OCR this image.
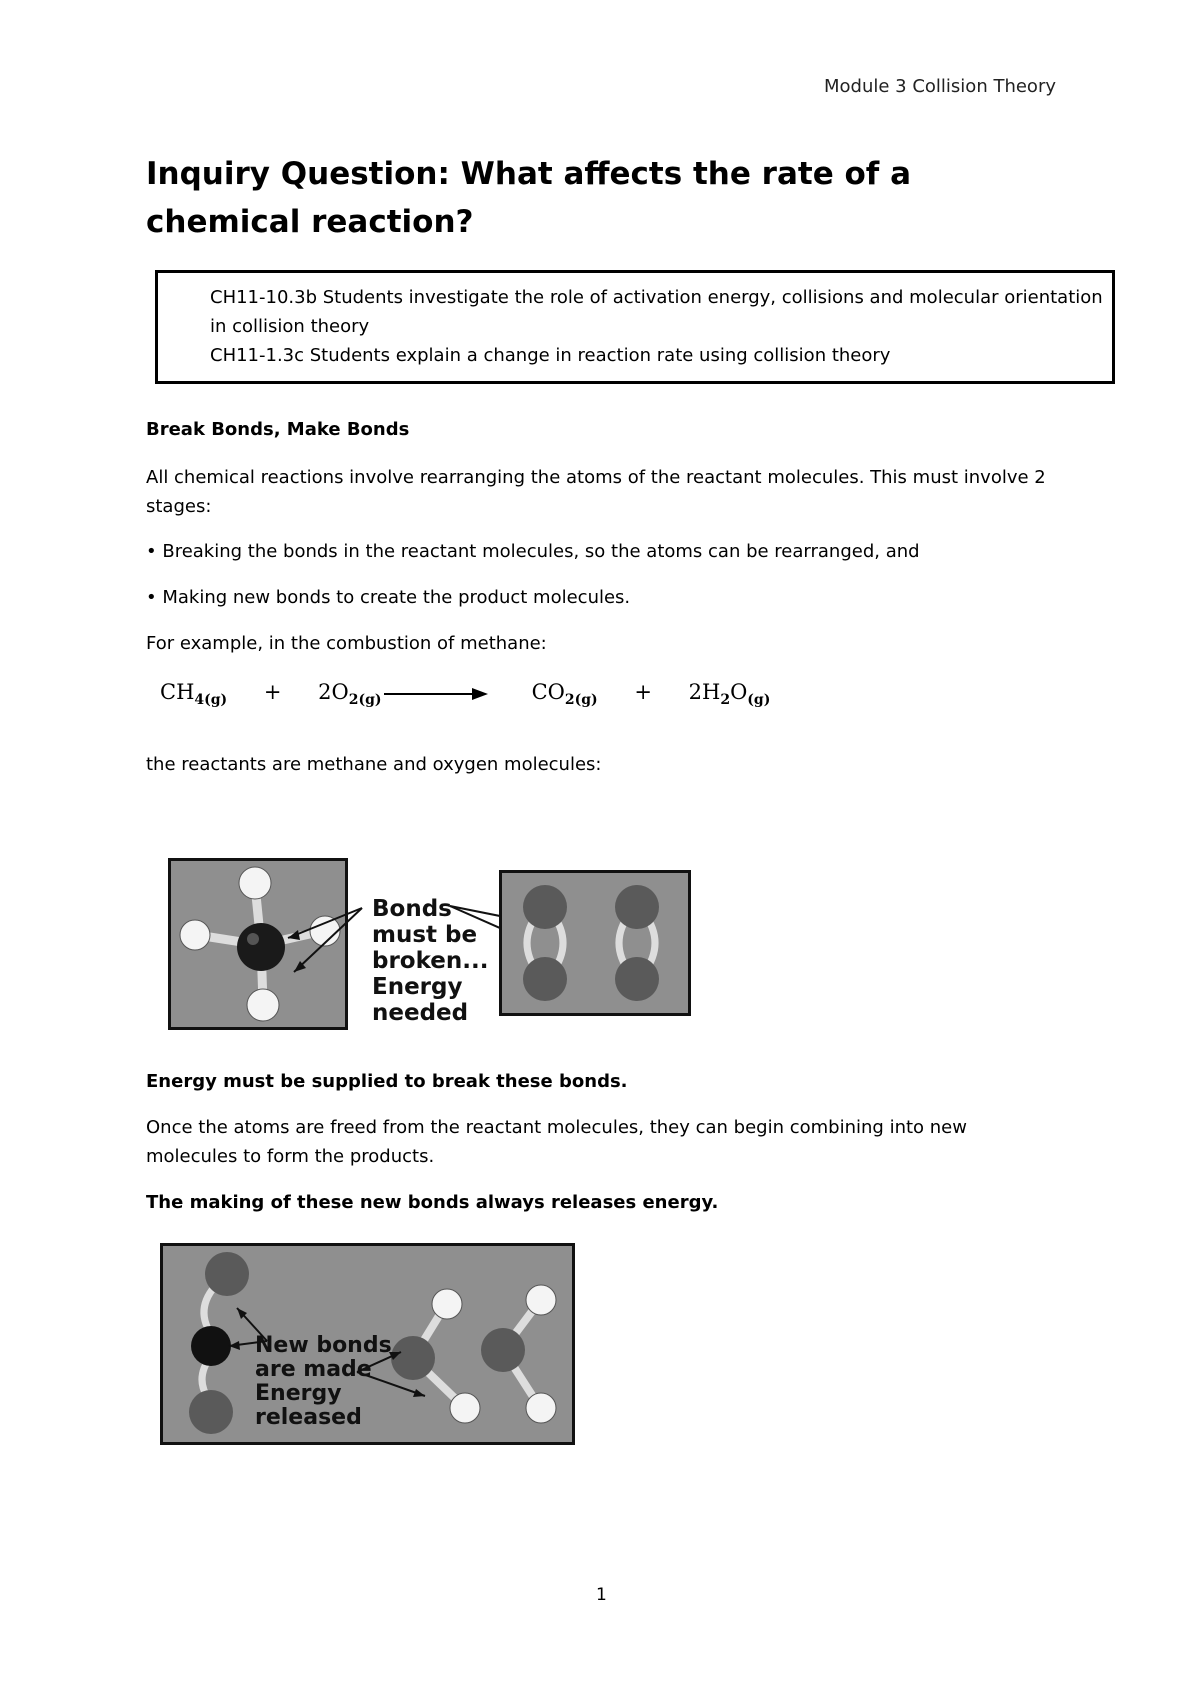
Module 3 Collision Theory
Inquiry Question: What affects the rate of a chemical reaction?
CH11-10.3b Students investigate the role of activation energy, collisions and molecular orientation
in collision theory
CH11-1.3c Students explain a change in reaction rate using collision theory
Break Bonds, Make Bonds
All chemical reactions involve rearranging the atoms of the reactant molecules. This must involve 2
stages:
• Breaking the bonds in the reactant molecules, so the atoms can be rearranged, and
• Making new bonds to create the product molecules.
For example, in the combustion of methane:
$CH_{4(g)} + 2O_{2(g)}$	$CO_{2(g)} + 2H_2O_{(g)}$
the reactants are methane and oxygen molecules:
Bonds
must be
broken...
Energy
needed
Energy must be supplied to break these bonds.
Once the atoms are freed from the reactant molecules, they can begin combining into new
molecules to form the products.
The making of these new bonds always releases energy.
New bonds
are made
Energy
released
1
